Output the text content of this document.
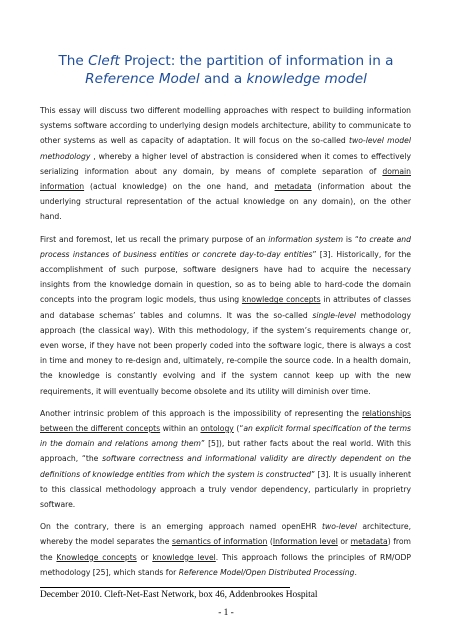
The Cleft Project: the partition of information in a
Reference Model and a knowledge model

This essay will discuss two different modelling approaches with respect to building information systems software according to underlying design models architecture, ability to communicate to other systems as well as capacity of adaptation. It will focus on the so-called two-level model methodology , whereby a higher level of abstraction is considered when it comes to effectively serializing information about any domain, by means of complete separation of domain information (actual knowledge) on the one hand, and metadata (information about the underlying structural representation of the actual knowledge on any domain), on the other hand.

First and foremost, let us recall the primary purpose of an information system is “to create and process instances of business entities or concrete day-to-day entities” [3]. Historically, for the accomplishment of such purpose, software designers have had to acquire the necessary insights from the knowledge domain in question, so as to being able to hard-code the domain concepts into the program logic models, thus using knowledge concepts in attributes of classes and database schemas’ tables and columns. It was the so-called single-level methodology approach (the classical way). With this methodology, if the system’s requirements change or, even worse, if they have not been properly coded into the software logic, there is always a cost in time and money to re-design and, ultimately, re-compile the source code. In a health domain, the knowledge is constantly evolving and if the system cannot keep up with the new requirements, it will eventually become obsolete and its utility will diminish over time.

Another intrinsic problem of this approach is the impossibility of representing the relationships between the different concepts within an ontology (“an explicit formal specification of the terms in the domain and relations among them” [5]), but rather facts about the real world. With this approach, “the software correctness and informational validity are directly dependent on the definitions of knowledge entities from which the system is constructed” [3]. It is usually inherent to this classical methodology approach a truly vendor dependency, particularly in proprietry software.

On the contrary, there is an emerging approach named openEHR two-level architecture, whereby the model separates the semantics of information (Information level or metadata) from the Knowledge concepts or knowledge level. This approach follows the principles of RM/ODP methodology [25], which stands for Reference Model/Open Distributed Processing.

December 2010. Cleft-Net-East Network, box 46, Addenbrookes Hospital
- 1 -
